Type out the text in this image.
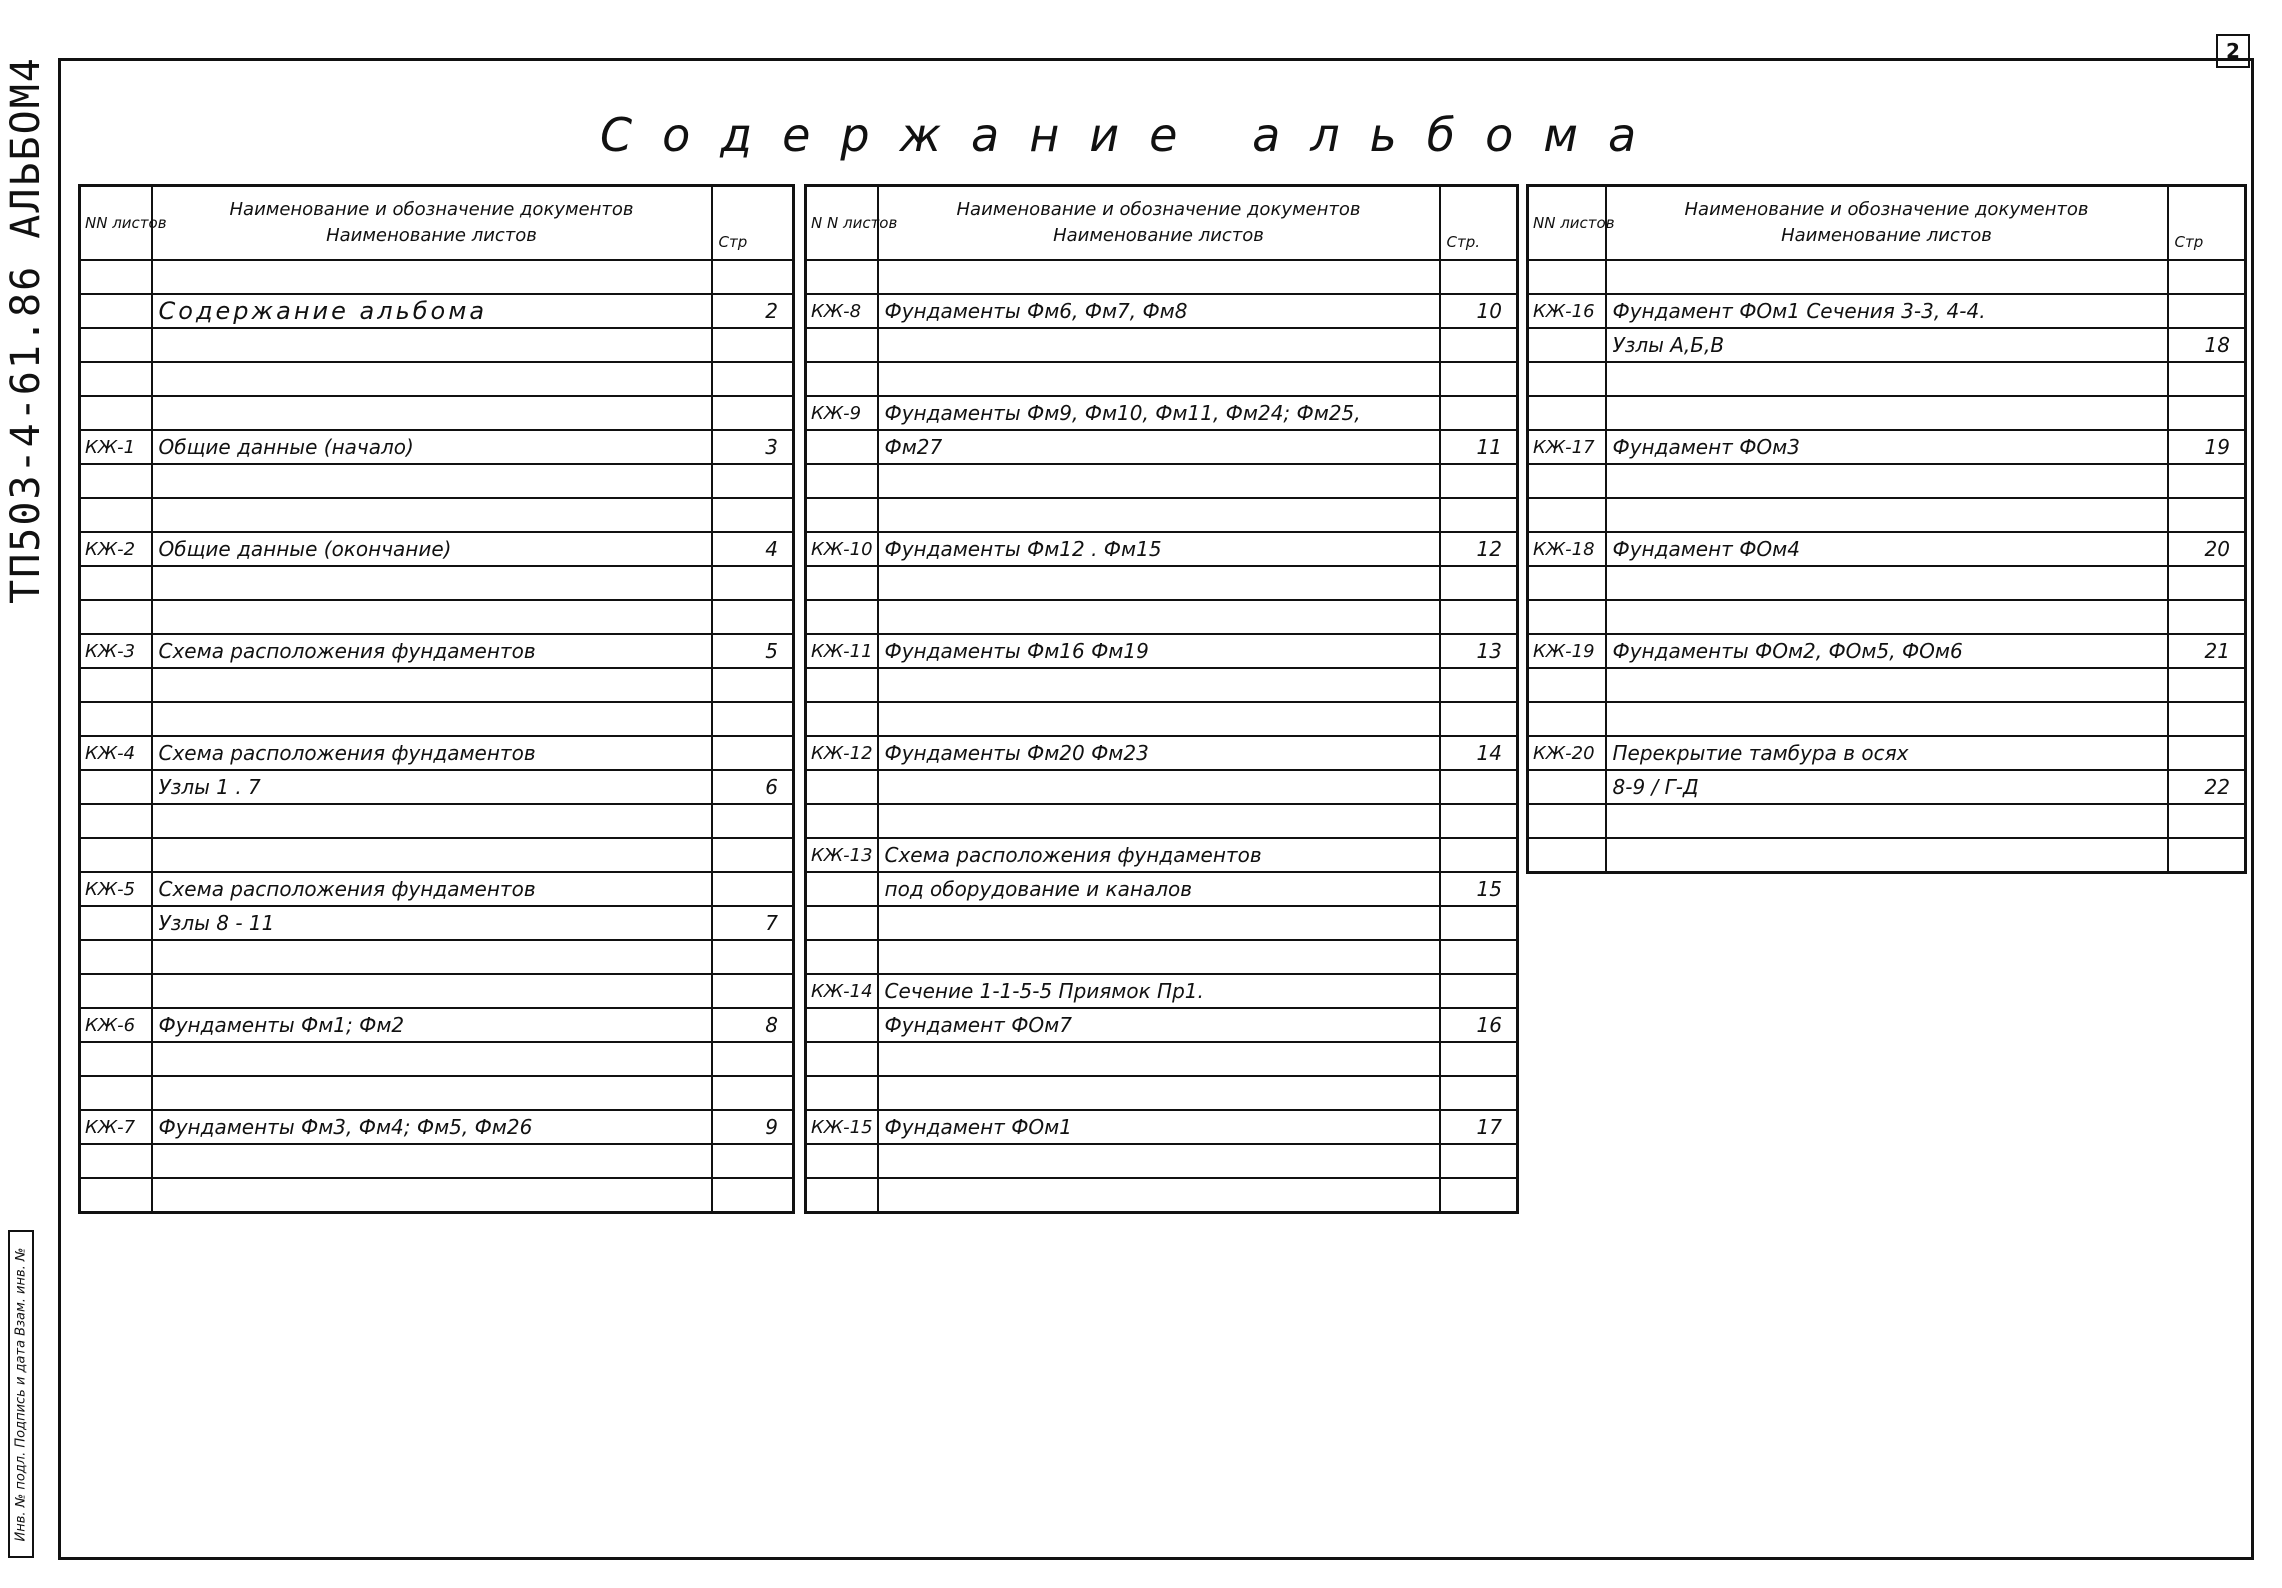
ТП503-4-61.86 АЛЬБОМ4
Инв. № подл. Подпись и дата Взам. инв. №
2
Содержание альбома
NN листов	Наименование и обозначение документов
Наименование листов	Стр

	Содержание альбома	2

КЖ-1	Общие данные (начало)	3

КЖ-2	Общие данные (окончание)	4

КЖ-3	Схема расположения фундаментов	5

КЖ-4	Схема расположения фундаментов	
	Узлы 1 . 7	6

КЖ-5	Схема расположения фундаментов	
	Узлы 8 - 11	7

КЖ-6	Фундаменты Фм1; Фм2	8

КЖ-7	Фундаменты Фм3, Фм4; Фм5, Фм26	9

N N листов	Наименование и обозначение документов
Наименование листов	Стр.

КЖ-8	Фундаменты Фм6, Фм7, Фм8	10

КЖ-9	Фундаменты Фм9, Фм10, Фм11, Фм24; Фм25,	
	Фм27	11

КЖ-10	Фундаменты Фм12 . Фм15	12

КЖ-11	Фундаменты Фм16 Фм19	13

КЖ-12	Фундаменты Фм20 Фм23	14

КЖ-13	Схема расположения фундаментов	
	под оборудование и каналов	15

КЖ-14	Сечение 1-1-5-5 Приямок Пр1.	
	Фундамент ФОм7	16

КЖ-15	Фундамент ФОм1	17

NN листов	Наименование и обозначение документов
Наименование листов	Стр

КЖ-16	Фундамент ФОм1 Сечения 3-3, 4-4.	
	Узлы А,Б,В	18

КЖ-17	Фундамент ФОм3	19

КЖ-18	Фундамент ФОм4	20

КЖ-19	Фундаменты ФОм2, ФОм5, ФОм6	21

КЖ-20	Перекрытие тамбура в осях	
	8-9 / Г-Д	22
